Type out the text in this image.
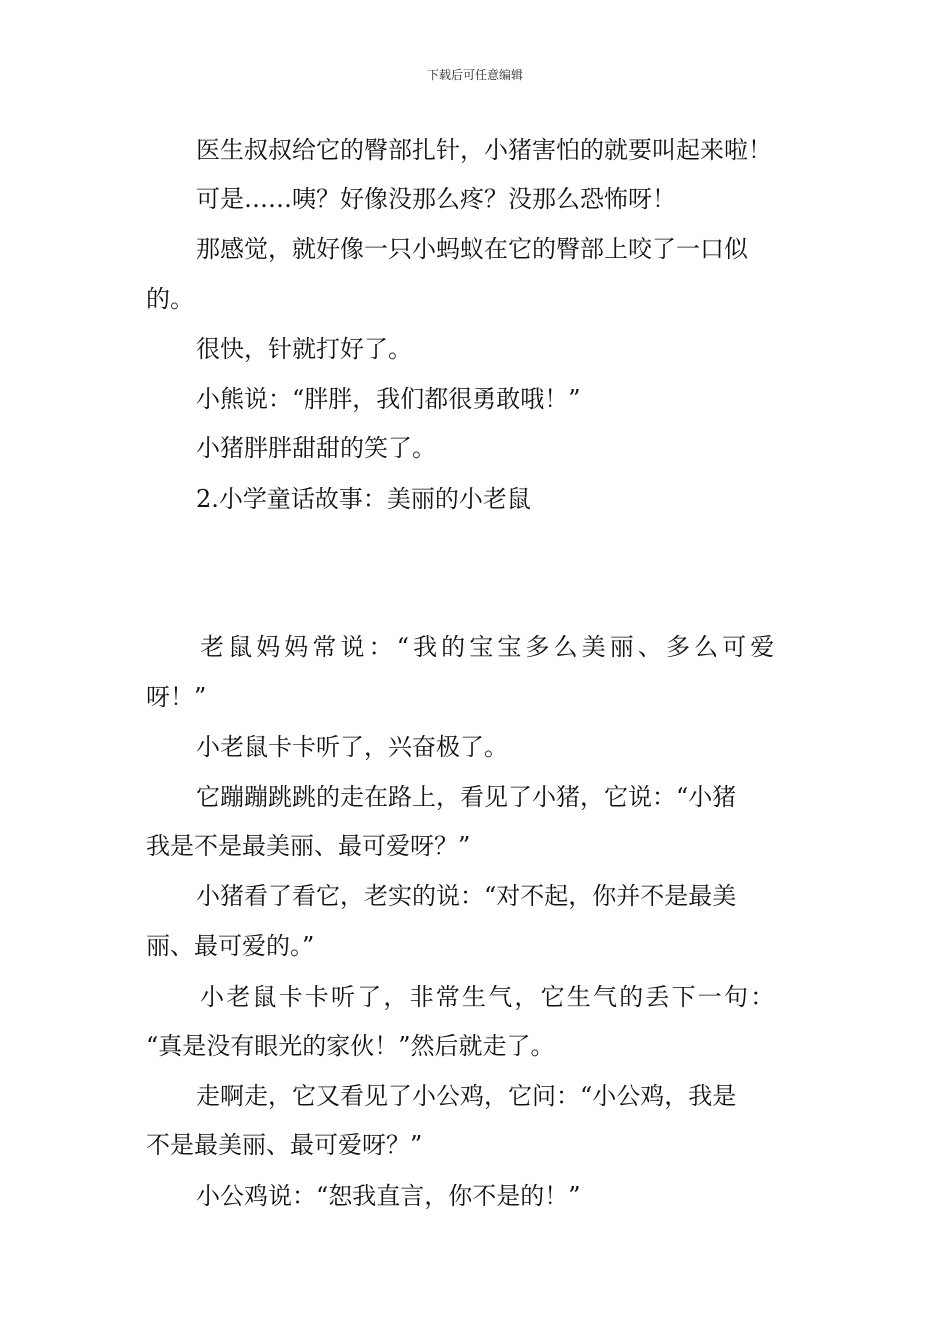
下载后可任意编辑
医生叔叔给它的臀部扎针，小猪害怕的就要叫起来啦！
可是……咦？好像没那么疼？没那么恐怖呀！
那感觉，就好像一只小蚂蚁在它的臀部上咬了一口似
的。
很快，针就打好了。
小熊说：“胖胖，我们都很勇敢哦！”
小猪胖胖甜甜的笑了。
2.小学童话故事：美丽的小老鼠
老鼠妈妈常说：“我的宝宝多么美丽、多么可爱
呀！”
小老鼠卡卡听了，兴奋极了。
它蹦蹦跳跳的走在路上，看见了小猪，它说：“小猪
我是不是最美丽、最可爱呀？”
小猪看了看它，老实的说：“对不起，你并不是最美
丽、最可爱的。”
小老鼠卡卡听了，非常生气，它生气的丢下一句：
“真是没有眼光的家伙！”然后就走了。
走啊走，它又看见了小公鸡，它问：“小公鸡，我是
不是最美丽、最可爱呀？”
小公鸡说：“恕我直言，你不是的！”
